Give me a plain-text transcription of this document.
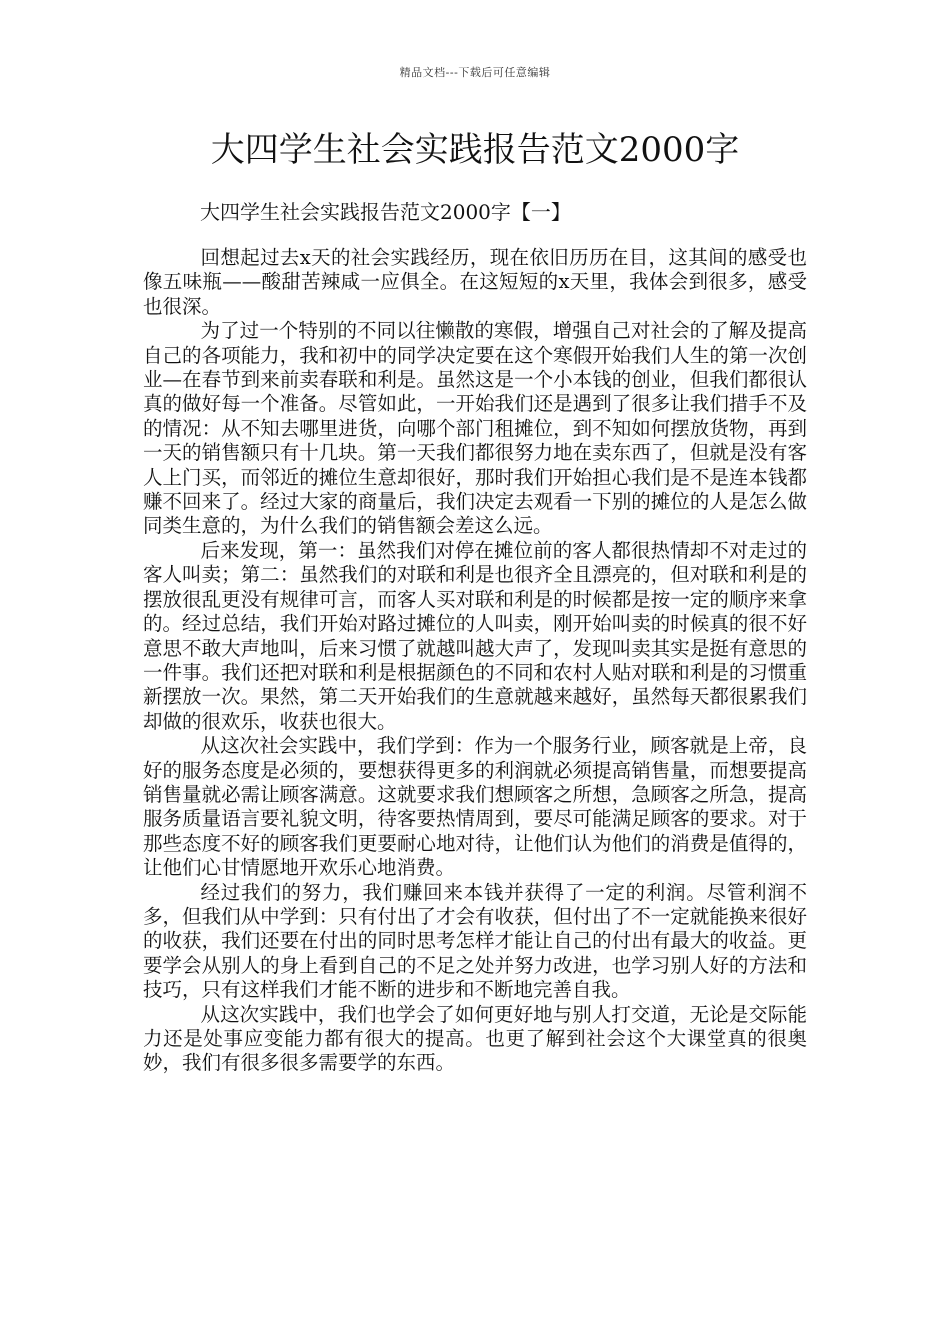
精品文档---下载后可任意编辑
大四学生社会实践报告范文2000字
大四学生社会实践报告范文2000字【一】

回想起过去x天的社会实践经历，现在依旧历历在目，这其间的感受也像五味瓶——酸甜苦辣咸一应俱全。在这短短的x天里，我体会到很多，感受也很深。

为了过一个特别的不同以往懒散的寒假，增强自己对社会的了解及提高自己的各项能力，我和初中的同学决定要在这个寒假开始我们人生的第一次创业—在春节到来前卖春联和利是。虽然这是一个小本钱的创业，但我们都很认真的做好每一个准备。尽管如此，一开始我们还是遇到了很多让我们措手不及的情况：从不知去哪里进货，向哪个部门租摊位，到不知如何摆放货物，再到一天的销售额只有十几块。第一天我们都很努力地在卖东西了，但就是没有客人上门买，而邻近的摊位生意却很好，那时我们开始担心我们是不是连本钱都赚不回来了。经过大家的商量后，我们决定去观看一下别的摊位的人是怎么做同类生意的，为什么我们的销售额会差这么远。

后来发现，第一：虽然我们对停在摊位前的客人都很热情却不对走过的客人叫卖；第二：虽然我们的对联和利是也很齐全且漂亮的，但对联和利是的摆放很乱更没有规律可言，而客人买对联和利是的时候都是按一定的顺序来拿的。经过总结，我们开始对路过摊位的人叫卖，刚开始叫卖的时候真的很不好意思不敢大声地叫，后来习惯了就越叫越大声了，发现叫卖其实是挺有意思的一件事。我们还把对联和利是根据颜色的不同和农村人贴对联和利是的习惯重新摆放一次。果然，第二天开始我们的生意就越来越好，虽然每天都很累我们却做的很欢乐，收获也很大。

从这次社会实践中，我们学到：作为一个服务行业，顾客就是上帝，良好的服务态度是必须的，要想获得更多的利润就必须提高销售量，而想要提高销售量就必需让顾客满意。这就要求我们想顾客之所想，急顾客之所急，提高服务质量语言要礼貌文明，待客要热情周到，要尽可能满足顾客的要求。对于那些态度不好的顾客我们更要耐心地对待，让他们认为他们的消费是值得的，让他们心甘情愿地开欢乐心地消费。

经过我们的努力，我们赚回来本钱并获得了一定的利润。尽管利润不多，但我们从中学到：只有付出了才会有收获，但付出了不一定就能换来很好的收获，我们还要在付出的同时思考怎样才能让自己的付出有最大的收益。更要学会从别人的身上看到自己的不足之处并努力改进，也学习别人好的方法和技巧，只有这样我们才能不断的进步和不断地完善自我。

从这次实践中，我们也学会了如何更好地与别人打交道，无论是交际能力还是处事应变能力都有很大的提高。也更了解到社会这个大课堂真的很奥妙，我们有很多很多需要学的东西。
